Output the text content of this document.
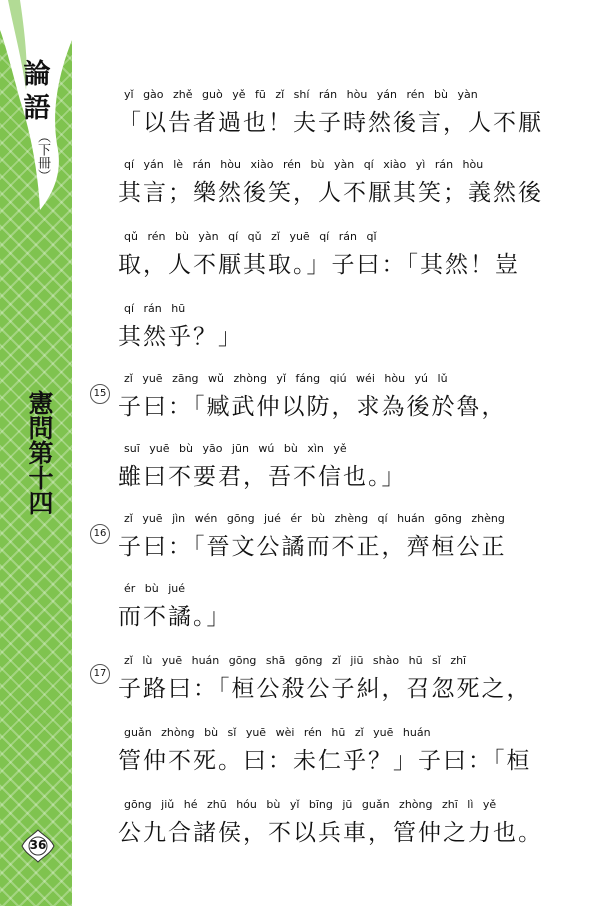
論
語
（下冊）
憲問第十四
36
15
16
17
yǐ gào zhě guò yě fū zǐ shí rán hòu yán rén bù yàn
「以告者過也！夫子時然後言，人不厭
qí yán lè rán hòu xiào rén bù yàn qí xiào yì rán hòu
其言；樂然後笑，人不厭其笑；義然後
qǔ rén bù yàn qí qǔ zǐ yuē qí rán qǐ
取，人不厭其取。」子曰：「其然！豈
qí rán hū
其然乎？」
zǐ yuē zāng wǔ zhòng yǐ fáng qiú wéi hòu yú lǔ
子曰：「臧武仲以防，求為後於魯，
suī yuē bù yāo jūn wú bù xìn yě
雖曰不要君，吾不信也。」
zǐ yuē jìn wén gōng jué ér bù zhèng qí huán gōng zhèng
子曰：「晉文公譎而不正，齊桓公正
ér bù jué
而不譎。」
zǐ lù yuē huán gōng shā gōng zǐ jiū shào hū sǐ zhī
子路曰：「桓公殺公子糾，召忽死之，
guǎn zhòng bù sǐ yuē wèi rén hū zǐ yuē huán
管仲不死。曰：未仁乎？」子曰：「桓
gōng jiǔ hé zhū hóu bù yǐ bīng jū guǎn zhòng zhī lì yě
公九合諸侯，不以兵車，管仲之力也。
